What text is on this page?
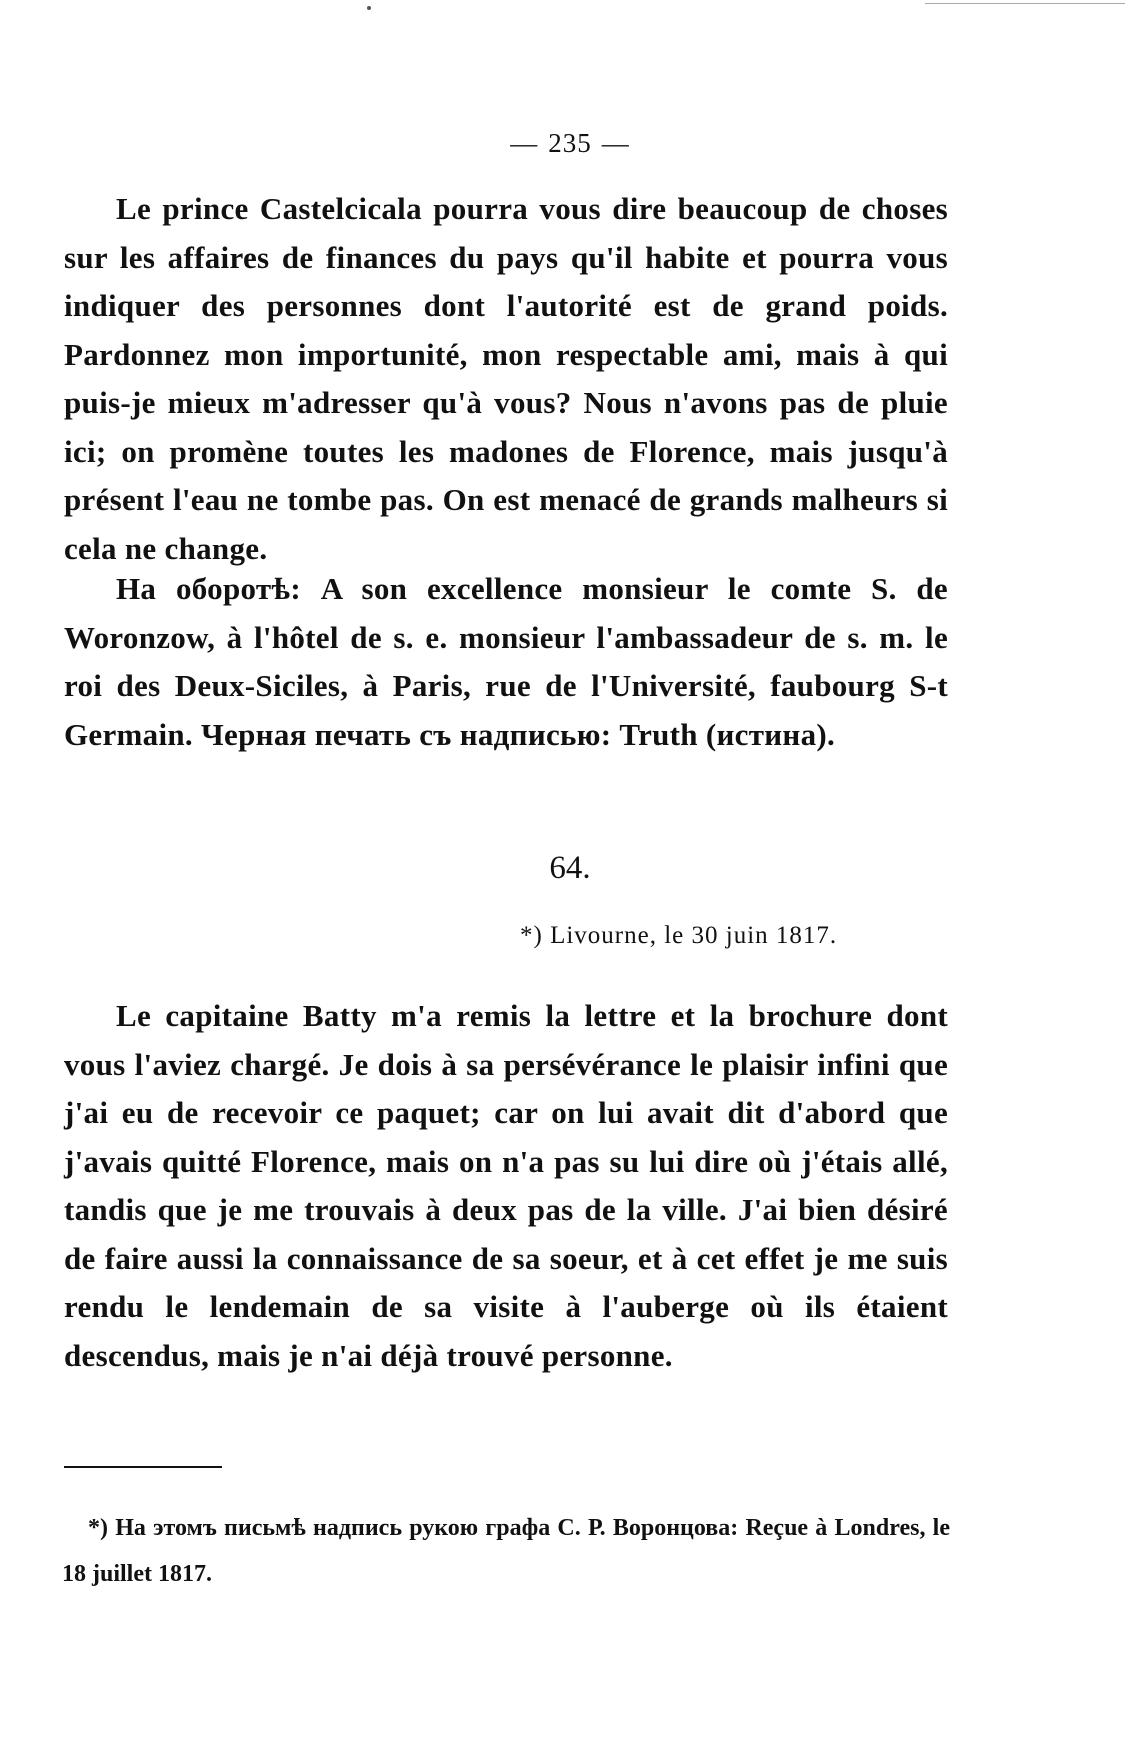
— 235 —

Le prince Castelcicala pourra vous dire beaucoup de choses sur les affaires de finances du pays qu'il habite et pourra vous indiquer des personnes dont l'autorité est de grand poids. Pardonnez mon importunité, mon respectable ami, mais à qui puis-je mieux m'adresser qu'à vous? Nous n'avons pas de pluie ici; on promène toutes les madones de Florence, mais jusqu'à présent l'eau ne tombe pas. On est menacé de grands malheurs si cela ne change.

На оборотѣ: A son excellence monsieur le comte S. de Woronzow, à l'hôtel de s. e. monsieur l'ambassadeur de s. m. le roi des Deux-Siciles, à Paris, rue de l'Université, faubourg S-t Germain. Черная печать съ надписью: Truth (истина).

64.
*) Livourne, le 30 juin 1817.

Le capitaine Batty m'a remis la lettre et la brochure dont vous l'aviez chargé. Je dois à sa persévérance le plaisir infini que j'ai eu de recevoir ce paquet; car on lui avait dit d'abord que j'avais quitté Florence, mais on n'a pas su lui dire où j'étais allé, tandis que je me trouvais à deux pas de la ville. J'ai bien désiré de faire aussi la connaissance de sa soeur, et à cet effet je me suis rendu le lendemain de sa visite à l'auberge où ils étaient descendus, mais je n'ai déjà trouvé personne.

*) На этомъ письмѣ надпись рукою графа С. Р. Воронцова: Reçue à Londres, le 18 juillet 1817.
